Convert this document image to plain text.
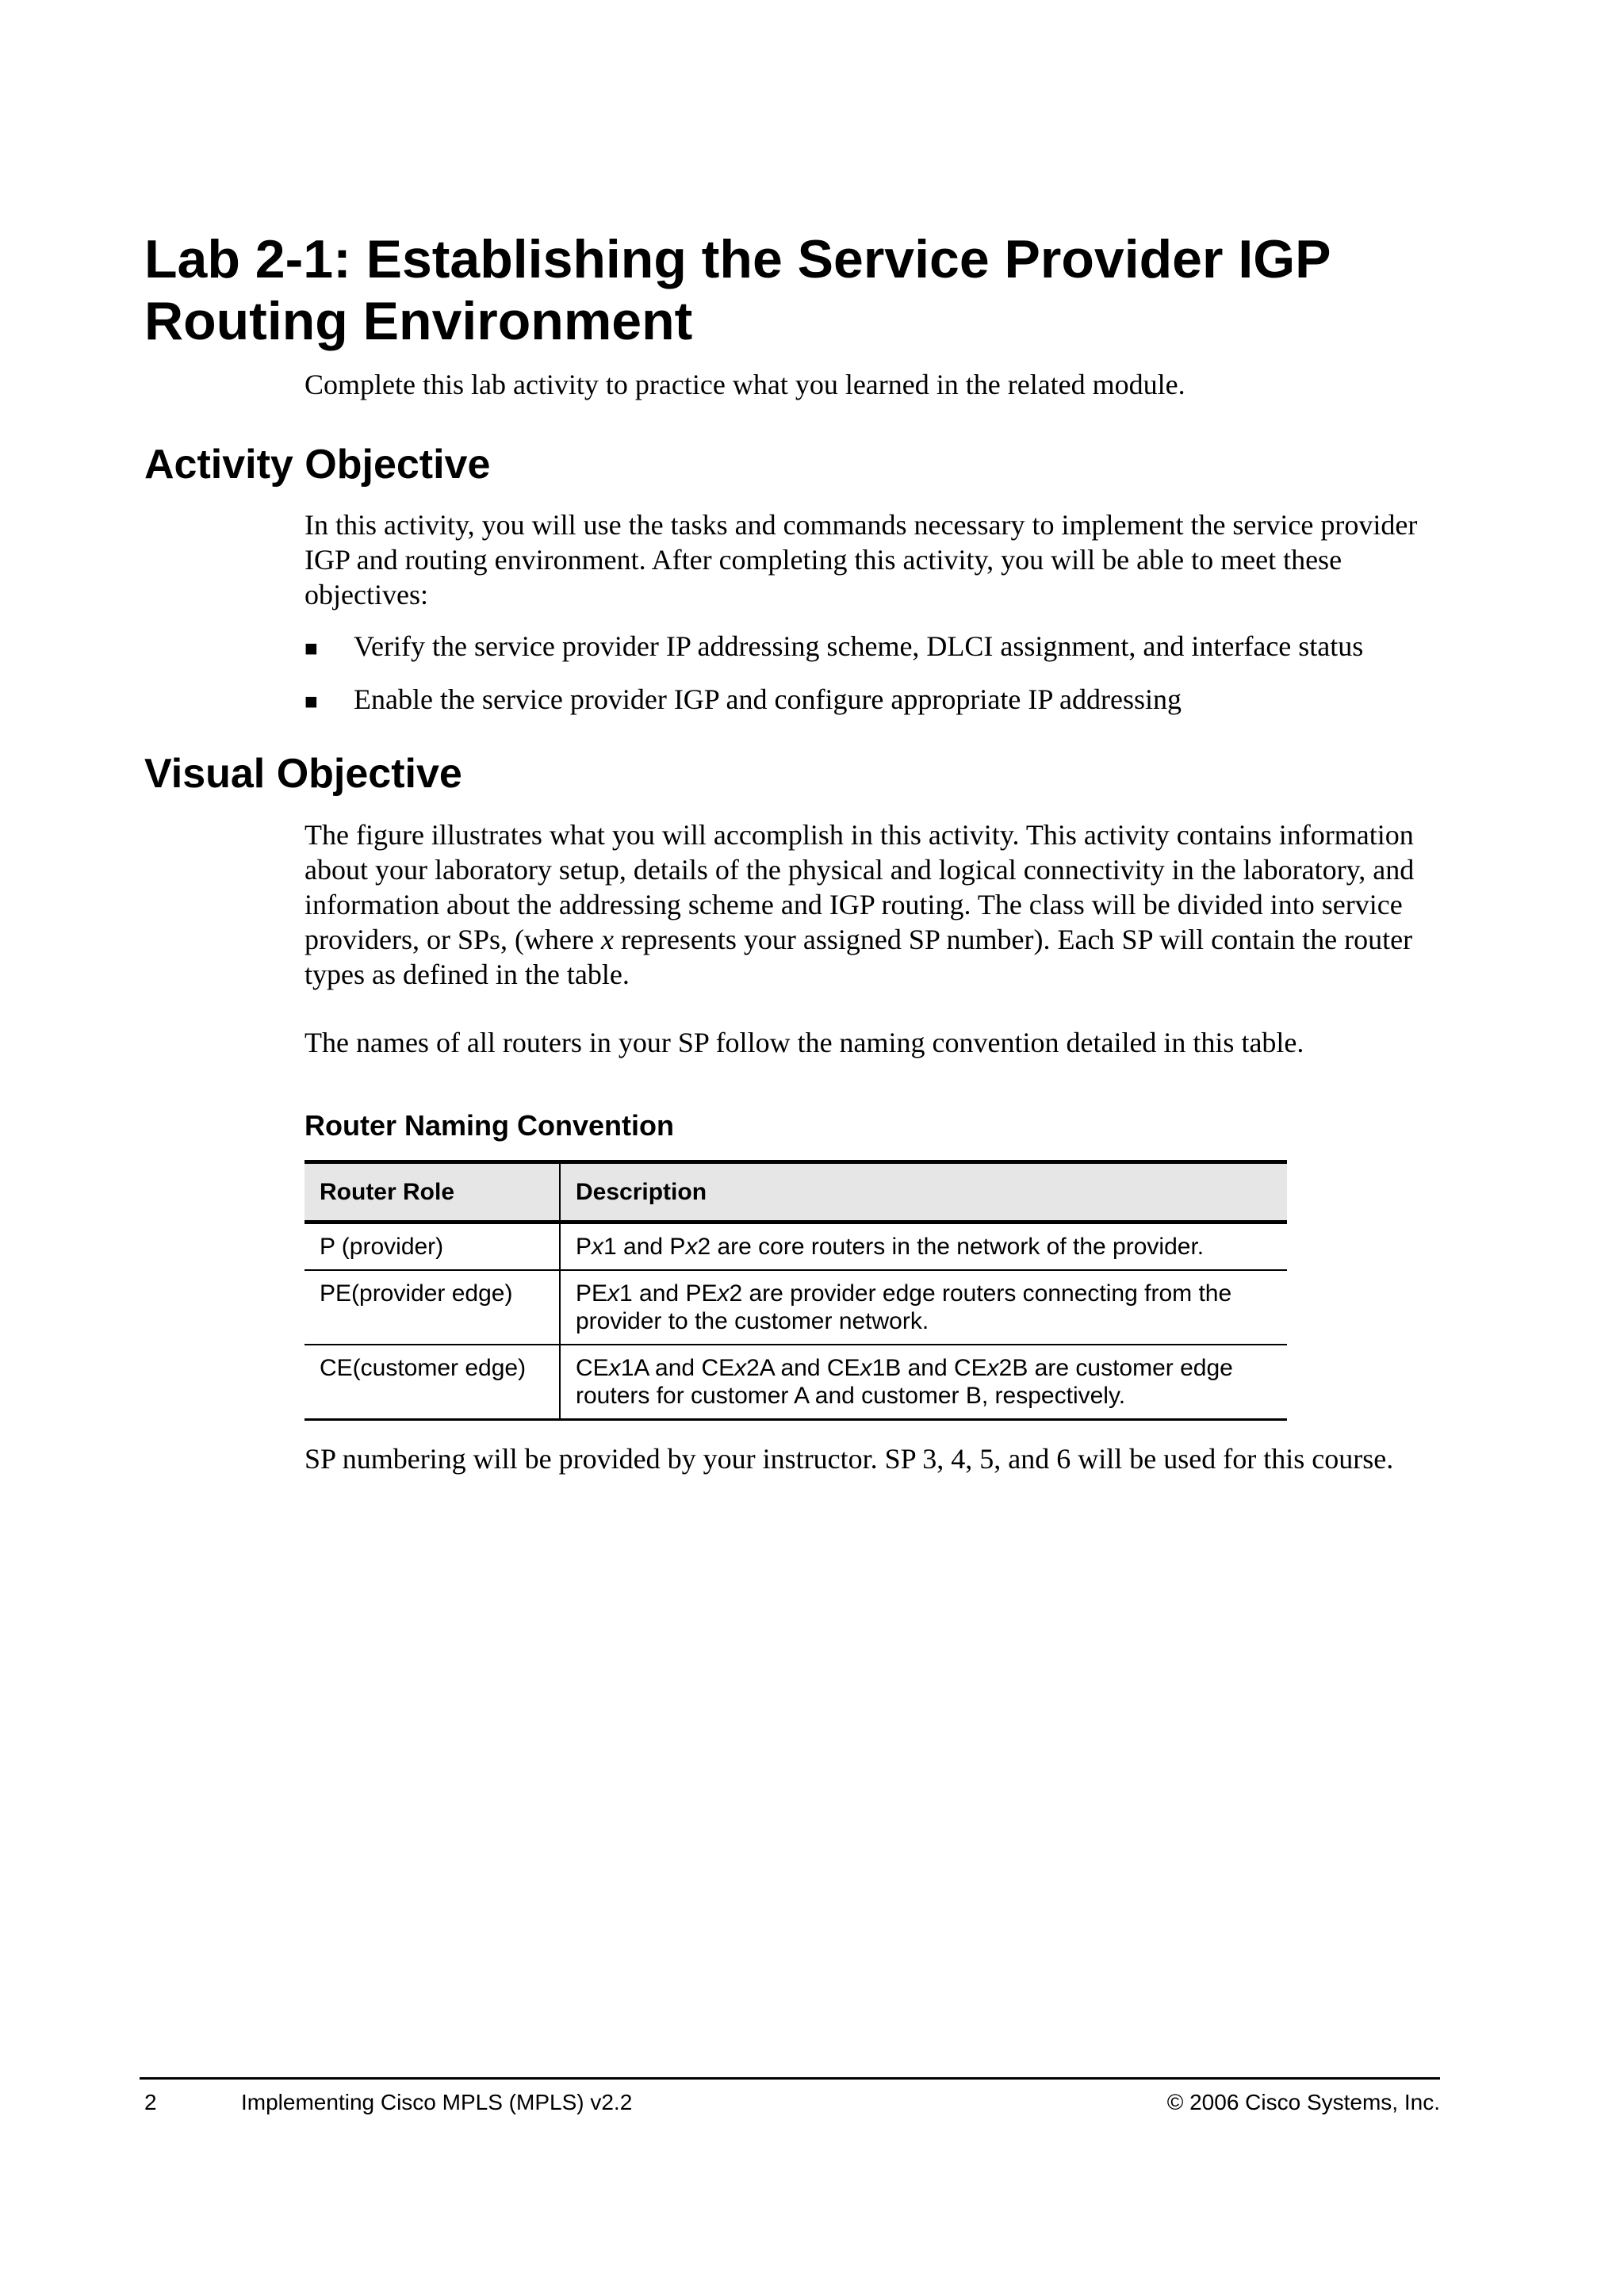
Lab 2-1: Establishing the Service Provider IGP Routing Environment

Complete this lab activity to practice what you learned in the related module.

Activity Objective

In this activity, you will use the tasks and commands necessary to implement the service provider IGP and routing environment. After completing this activity, you will be able to meet these objectives:

■	Verify the service provider IP addressing scheme, DLCI assignment, and interface status
■	Enable the service provider IGP and configure appropriate IP addressing
Visual Objective

The figure illustrates what you will accomplish in this activity. This activity contains information about your laboratory setup, details of the physical and logical connectivity in the laboratory, and information about the addressing scheme and IGP routing. The class will be divided into service providers, or SPs, (where x represents your assigned SP number). Each SP will contain the router types as defined in the table.

The names of all routers in your SP follow the naming convention detailed in this table.

Router Naming Convention

Router Role	Description
P (provider)	Px1 and Px2 are core routers in the network of the provider.
PE(provider edge)	PEx1 and PEx2 are provider edge routers connecting from the provider to the customer network.
CE(customer edge)	CEx1A and CEx2A and CEx1B and CEx2B are customer edge routers for customer A and customer B, respectively.

SP numbering will be provided by your instructor. SP 3, 4, 5, and 6 will be used for this course.

2	Implementing Cisco MPLS (MPLS) v2.2	© 2006 Cisco Systems, Inc.
